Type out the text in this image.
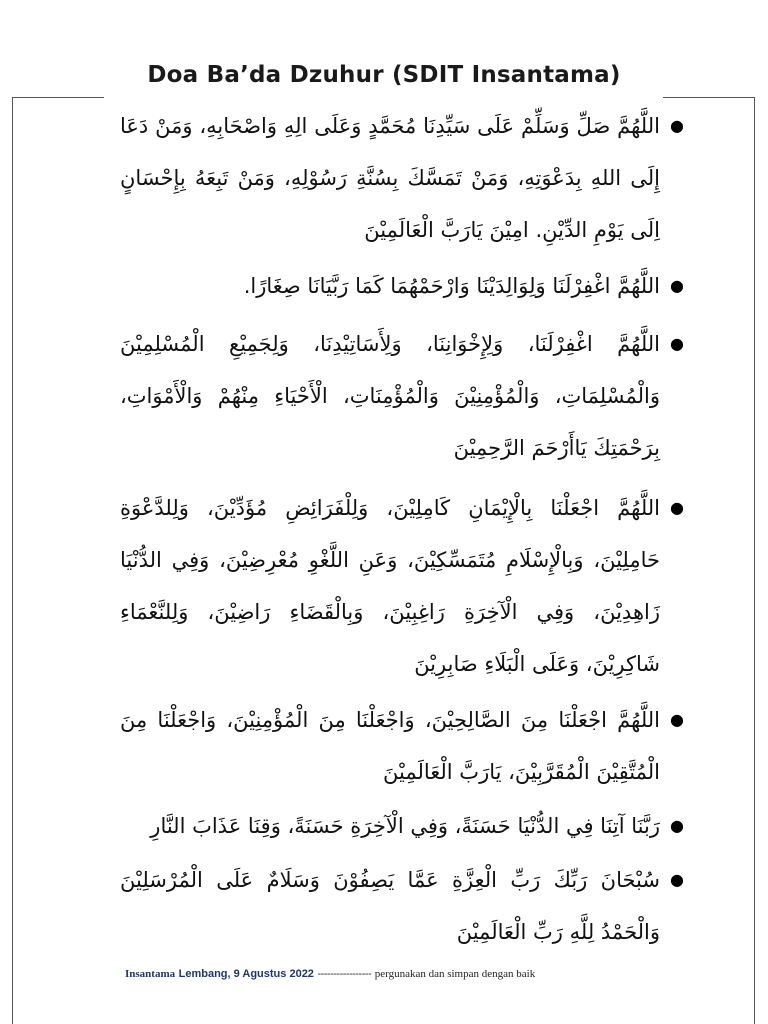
Doa Ba’da Dzuhur (SDIT Insantama)
●
اللَّهُمَّ صَلِّ وَسَلِّمْ عَلَى سَيِّدِنَا مُحَمَّدٍ وَعَلَى الِهِ وَاصْحَابِهِ، وَمَنْ دَعَا إِلَى اللهِ بِدَعْوَتِهِ، وَمَنْ تَمَسَّكَ بِسُنَّةِ رَسُوْلِهِ، وَمَنْ تَبِعَهُ بِإِحْسَانٍ اِلَى يَوْمِ الدِّيْنِ. امِيْنَ يَارَبَّ الْعَالَمِيْنَ
●
اللَّهُمَّ اغْفِرْلَنَا وَلِوَالِدَيْنَا وَارْحَمْهُمَا كَمَا رَبَّيَانَا صِغَارًا.
●
اللَّهُمَّ اغْفِرْلَنَا، وَلِإِخْوَانِنَا، وَلِأَسَاتِيْدِنَا، وَلِجَمِيْعِ الْمُسْلِمِيْنَ وَالْمُسْلِمَاتِ، وَالْمُؤْمِنِيْنَ وَالْمُؤْمِنَاتِ، الْأَحْيَاءِ مِنْهُمْ وَالْأَمْوَاتِ، بِرَحْمَتِكَ يَاأَرْحَمَ الرَّحِمِيْنَ
●
اللَّهُمَّ اجْعَلْنَا بِالْإِيْمَانِ كَامِلِيْنَ، وَلِلْفَرَائِضِ مُؤَدِّيْنَ، وَلِلدَّعْوَةِ حَامِلِيْنَ، وَبِالْإِسْلَامِ مُتَمَسِّكِيْنَ، وَعَنِ اللَّغْوِ مُعْرِضِيْنَ، وَفِي الدُّنْيَا زَاهِدِيْنَ، وَفِي الْآخِرَةِ رَاغِبِيْنَ، وَبِالْقَضَاءِ رَاضِيْنَ، وَلِلنَّعْمَاءِ شَاكِرِيْنَ، وَعَلَى الْبَلَاءِ صَابِرِيْنَ
●
اللَّهُمَّ اجْعَلْنَا مِنَ الصَّالِحِيْنَ، وَاجْعَلْنَا مِنَ الْمُؤْمِنِيْنَ، وَاجْعَلْنَا مِنَ الْمُتَّقِيْنَ الْمُقَرَّبِيْنَ، يَارَبَّ الْعَالَمِيْنَ
●
رَبَّنَا آتِنَا فِي الدُّنْيَا حَسَنَةً، وَفِي الْآخِرَةِ حَسَنَةً، وَقِنَا عَذَابَ النَّارِ
●
سُبْحَانَ رَبِّكَ رَبِّ الْعِزَّةِ عَمَّا يَصِفُوْنَ وَسَلَامٌ عَلَى الْمُرْسَلِيْنَ وَالْحَمْدُ لِلَّهِ رَبِّ الْعَالَمِيْنَ
Insantama Lembang, 9 Agustus 2022 ----------------- pergunakan dan simpan dengan baik
